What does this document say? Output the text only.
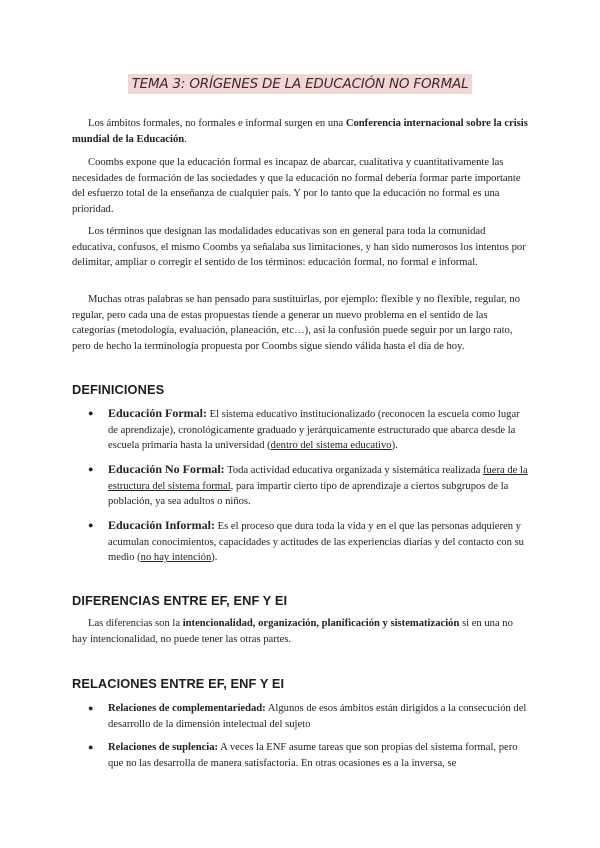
TEMA 3: ORÍGENES DE LA EDUCACIÓN NO FORMAL

Los ámbitos formales, no formales e informal surgen en una Conferencia internacional sobre la crisis mundial de la Educación.

Coombs expone que la educación formal es incapaz de abarcar, cualitativa y cuantitativamente las necesidades de formación de las sociedades y que la educación no formal debería formar parte importante del esfuerzo total de la enseñanza de cualquier país. Y por lo tanto que la educación no formal es una prioridad.

Los términos que designan las modalidades educativas son en general para toda la comunidad educativa, confusos, el mismo Coombs ya señalaba sus limitaciones, y han sido numerosos los intentos por delimitar, ampliar o corregir el sentido de los términos: educación formal, no formal e informal.

Muchas otras palabras se han pensado para sustituirlas, por ejemplo: flexible y no flexible, regular, no regular, pero cada una de estas propuestas tiende a generar un nuevo problema en el sentido de las categorías (metodología, evaluación, planeación, etc…), así la confusión puede seguir por un largo rato, pero de hecho la terminología propuesta por Coombs sigue siendo válida hasta el día de hoy.

DEFINICIONES

● Educación Formal: El sistema educativo institucionalizado (reconocen la escuela como lugar de aprendizaje), cronológicamente graduado y jerárquicamente estructurado que abarca desde la escuela primaria hasta la universidad (dentro del sistema educativo).

● Educación No Formal: Toda actividad educativa organizada y sistemática realizada fuera de la estructura del sistema formal, para impartir cierto tipo de aprendizaje a ciertos subgrupos de la población, ya sea adultos o niños.

● Educación Informal: Es el proceso que dura toda la vida y en el que las personas adquieren y acumulan conocimientos, capacidades y actitudes de las experiencias diarias y del contacto con su medio (no hay intención).

DIFERENCIAS ENTRE EF, ENF Y EI

Las diferencias son la intencionalidad, organización, planificación y sistematización si en una no hay intencionalidad, no puede tener las otras partes.

RELACIONES ENTRE EF, ENF Y EI

● Relaciones de complementariedad: Algunos de esos ámbitos están dirigidos a la consecución del desarrollo de la dimensión intelectual del sujeto

● Relaciones de suplencia: A veces la ENF asume tareas que son propias del sistema formal, pero que no las desarrolla de manera satisfactoria. En otras ocasiones es a la inversa, se
